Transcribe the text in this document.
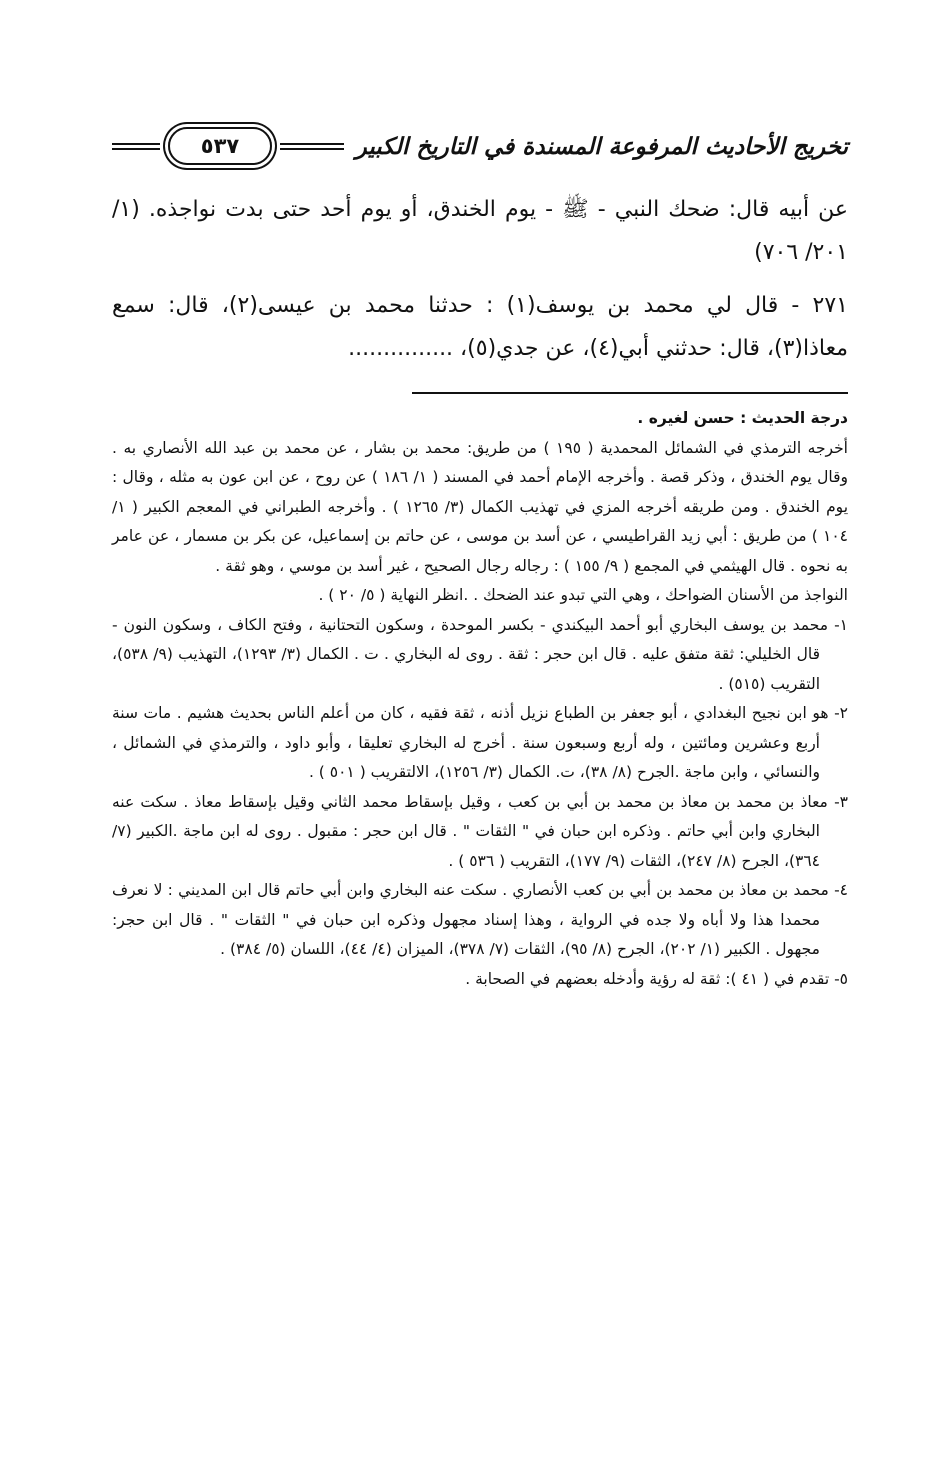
تخريج الأحاديث المرفوعة المسندة في التاريخ الكبير
٥٣٧

عن أبيه قال: ضحك النبي - ﷺ - يوم الخندق، أو يوم أحد حتى بدت نواجذه. (١/ ٢٠١/ ٧٠٦)

٢٧١ - قال لي محمد بن يوسف(١) : حدثنا محمد بن عيسى(٢)، قال: سمع معاذا(٣)، قال: حدثني أبي(٤)، عن جدي(٥)، ...............

درجة الحديث : حسن لغيره .

أخرجه الترمذي في الشمائل المحمدية ( ١٩٥ ) من طريق: محمد بن بشار ، عن محمد بن عبد الله الأنصاري به . وقال يوم الخندق ، وذكر قصة . وأخرجه الإمام أحمد في المسند ( ١/ ١٨٦ ) عن روح ، عن ابن عون به مثله ، وقال : يوم الخندق . ومن طريقه أخرجه المزي في تهذيب الكمال (٣/ ١٢٦٥ ) . وأخرجه الطبراني في المعجم الكبير ( ١/ ١٠٤ ) من طريق : أبي زيد القراطيسي ، عن أسد بن موسى ، عن حاتم بن إسماعيل، عن بكر بن مسمار ، عن عامر به نحوه . قال الهيثمي في المجمع ( ٩/ ١٥٥ ) : رجاله رجال الصحيح ، غير أسد بن موسي ، وهو ثقة .

النواجذ من الأسنان الضواحك ، وهي التي تبدو عند الضحك . .انظر النهاية ( ٥/ ٢٠ ) .

١- محمد بن يوسف البخاري أبو أحمد البيكندي - بكسر الموحدة ، وسكون التحتانية ، وفتح الكاف ، وسكون النون - قال الخليلي: ثقة متفق عليه . قال ابن حجر : ثقة . روى له البخاري . ت . الكمال (٣/ ١٢٩٣)، التهذيب (٩/ ٥٣٨)، التقريب (٥١٥) .

٢- هو ابن نجيح البغدادي ، أبو جعفر بن الطباع نزيل أذنه ، ثقة فقيه ، كان من أعلم الناس بحديث هشيم . مات سنة أربع وعشرين ومائتين ، وله أربع وسبعون سنة . أخرج له البخاري تعليقا ، وأبو داود ، والترمذي في الشمائل ، والنسائي ، وابن ماجة .الجرح (٨/ ٣٨)، ت. الكمال (٣/ ١٢٥٦)، الالتقريب ( ٥٠١ ) .

٣- معاذ بن محمد بن معاذ بن محمد بن أبي بن كعب ، وقيل بإسقاط محمد الثاني وقيل بإسقاط معاذ . سكت عنه البخاري وابن أبي حاتم . وذكره ابن حبان في " الثقات " . قال ابن حجر : مقبول . روى له ابن ماجة .الكبير (٧/ ٣٦٤)، الجرح (٨/ ٢٤٧)، الثقات (٩/ ١٧٧)، التقريب ( ٥٣٦ ) .

٤- محمد بن معاذ بن محمد بن أبي بن كعب الأنصاري . سكت عنه البخاري وابن أبي حاتم قال ابن المديني : لا نعرف محمدا هذا ولا أباه ولا جده في الرواية ، وهذا إسناد مجهول وذكره ابن حبان في " الثقات " . قال ابن حجر: مجهول . الكبير (١/ ٢٠٢)، الجرح (٨/ ٩٥)، الثقات (٧/ ٣٧٨)، الميزان (٤/ ٤٤)، اللسان (٥/ ٣٨٤) .

٥- تقدم في ( ٤١ ): ثقة له رؤية وأدخله بعضهم في الصحابة .
